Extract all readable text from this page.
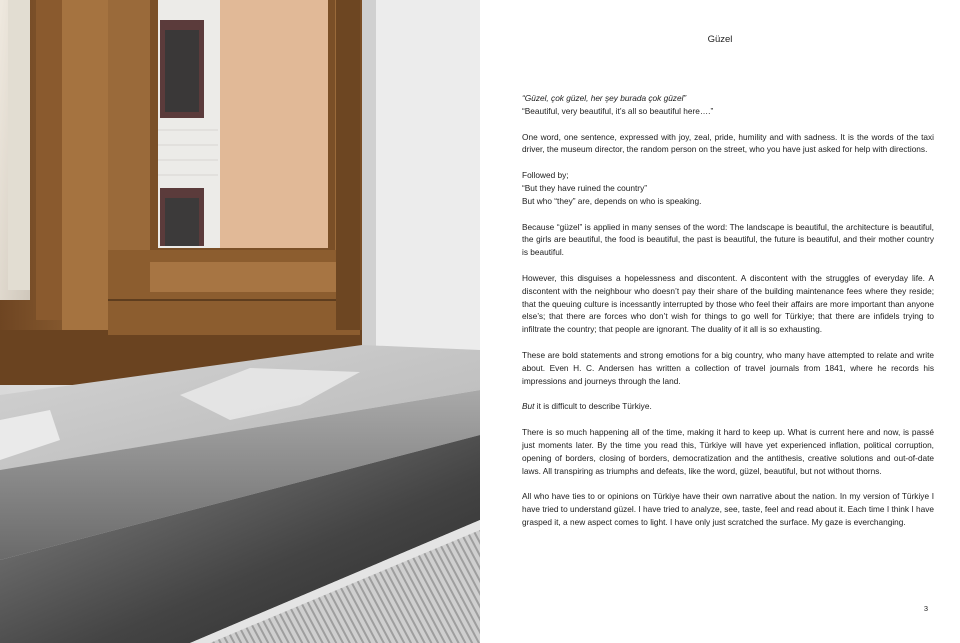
Güzel

“Güzel, çok güzel, her şey burada çok güzel”
“Beautiful, very beautiful, it’s all so beautiful here….”

One word, one sentence, expressed with joy, zeal, pride, humility and with sadness. It is the words of the taxi driver, the museum director, the random person on the street, who you have just asked for help with directions.

Followed by;
“But they have ruined the country”
But who “they” are, depends on who is speaking.

Because “güzel” is applied in many senses of the word: The landscape is beautiful, the architecture is beautiful, the girls are beautiful, the food is beautiful, the past is beautiful, the future is beautiful, and their mother country is beautiful.

However, this disguises a hopelessness and discontent. A discontent with the struggles of everyday life. A discontent with the neighbour who doesn’t pay their share of the building maintenance fees where they reside; that the queuing culture is incessantly interrupted by those who feel their affairs are more important than anyone else’s; that there are forces who don’t wish for things to go well for Türkiye; that there are infidels trying to infiltrate the country; that people are ignorant. The duality of it all is so exhausting.

These are bold statements and strong emotions for a big country, who many have attempted to relate and write about. Even H. C. Andersen has written a collection of travel journals from 1841, where he records his impressions and journeys through the land.

But it is difficult to describe Türkiye.

There is so much happening all of the time, making it hard to keep up. What is current here and now, is passé just moments later. By the time you read this, Türkiye will have yet experienced inflation, political corruption, opening of borders, closing of borders, democratization and the antithesis, creative solutions and out-of-date laws. All transpiring as triumphs and defeats, like the word, güzel, beautiful, but not without thorns.

All who have ties to or opinions on Türkiye have their own narrative about the nation. In my version of Türkiye I have tried to understand güzel. I have tried to analyze, see, taste, feel and read about it. Each time I think I have grasped it, a new aspect comes to light. I have only just scratched the surface. My gaze is everchanging.

3
